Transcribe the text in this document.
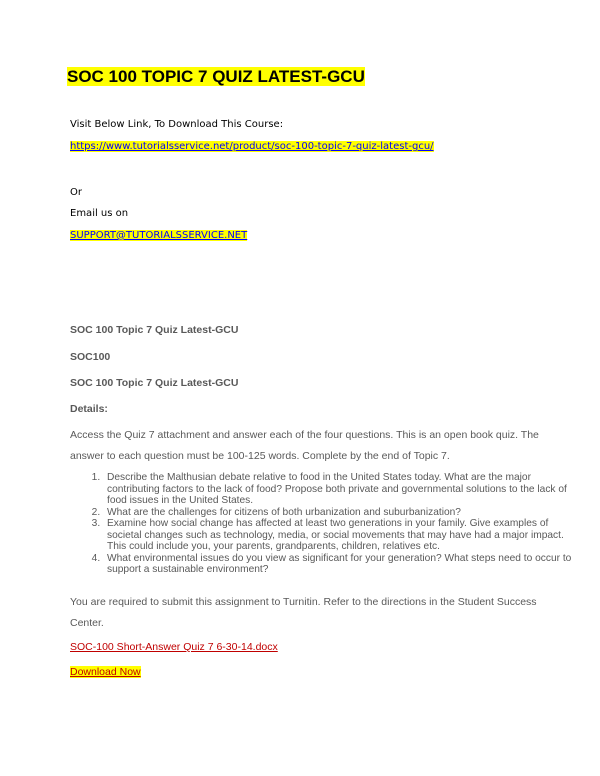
SOC 100 TOPIC 7 QUIZ LATEST-GCU
Visit Below Link, To Download This Course:
https://www.tutorialsservice.net/product/soc-100-topic-7-quiz-latest-gcu/
Or
Email us on
SUPPORT@TUTORIALSSERVICE.NET
SOC 100 Topic 7 Quiz Latest-GCU
SOC100
SOC 100 Topic 7 Quiz Latest-GCU
Details:

Access the Quiz 7 attachment and answer each of the four questions. This is an open book quiz. The answer to each question must be 100-125 words. Complete by the end of Topic 7.

1. Describe the Malthusian debate relative to food in the United States today. What are the major contributing factors to the lack of food? Propose both private and governmental solutions to the lack of food issues in the United States.
2. What are the challenges for citizens of both urbanization and suburbanization?
3. Examine how social change has affected at least two generations in your family. Give examples of societal changes such as technology, media, or social movements that may have had a major impact. This could include you, your parents, grandparents, children, relatives etc.
4. What environmental issues do you view as significant for your generation? What steps need to occur to support a sustainable environment?

You are required to submit this assignment to Turnitin. Refer to the directions in the Student Success Center.

SOC-100 Short-Answer Quiz 7 6-30-14.docx
Download Now
